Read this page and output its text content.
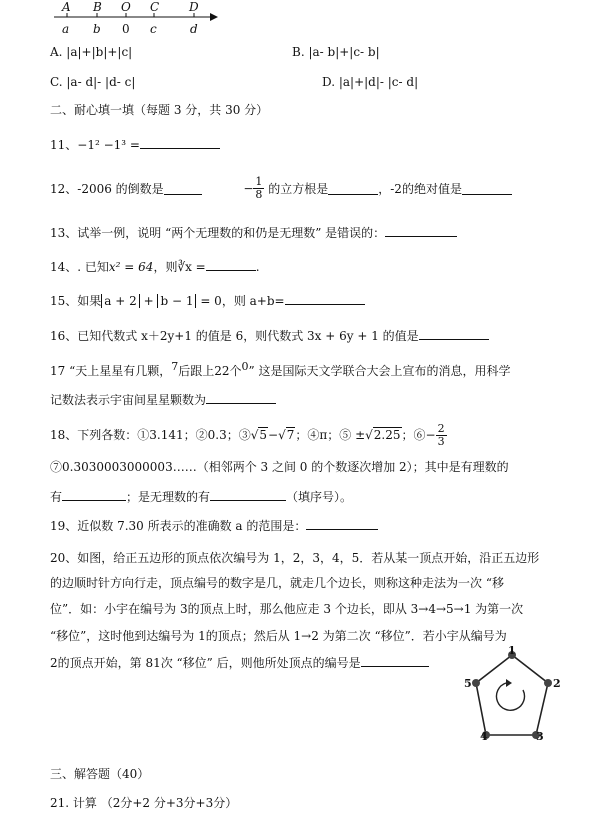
A B O C D
a b 0 c	d
A. |a|+|b|+|c|	B. |a- b|+|c- b|
C. |a- d|- |d- c|	D. |a|+|d|- |c- d|
二、耐心填一填（每题 3 分，共 30 分）
11、−1² −1³ =
12、-2006 的倒数是	− $\frac{1}{8}$ 的立方根是	，-2的绝对值是
13、试举一例，说明 “两个无理数的和仍是无理数” 是错误的：
14、. 已知x² = 64，则∛x =	.
15、如果 a + 2 + b − 1 = 0，则 a+b=
16、已知代数式 x＋2y+1 的值是 6，则代数式 3x + 6y + 1 的值是
17 “天上星星有几颗，$^7$后跟上22个$^0$” 这是国际天文学联合大会上宣布的消息，用科学
记数法表示宇宙间星星颗数为
18、下列各数：①3.141；②0.3；③√5−√7；④π；⑤ ±√2.25；⑥− $\frac{2}{3}$
⑦0.3030003000003……（相邻两个 3 之间 0 的个数逐次增加 2）；其中是有理数的
有	；是无理数的有	（填序号）。
19、近似数 7.30 所表示的准确数 a 的范围是：
20、如图，给正五边形的顶点依次编号为 1，2，3，4，5．若从某一顶点开始，沿正五边形
的边顺时针方向行走，顶点编号的数字是几，就走几个边长，则称这种走法为一次 “移
位”．如：小宇在编号为 3的顶点上时，那么他应走 3 个边长，即从 3→4→5→1 为第一次
“移位”，这时他到达编号为 1的顶点；然后从 1→2 为第二次 “移位”．若小宇从编号为
2的顶点开始，第 81次 “移位” 后，则他所处顶点的编号是
1
2
3
4
5
三、解答题（40）
21. 计算 （2分+2 分+3分+3分）
